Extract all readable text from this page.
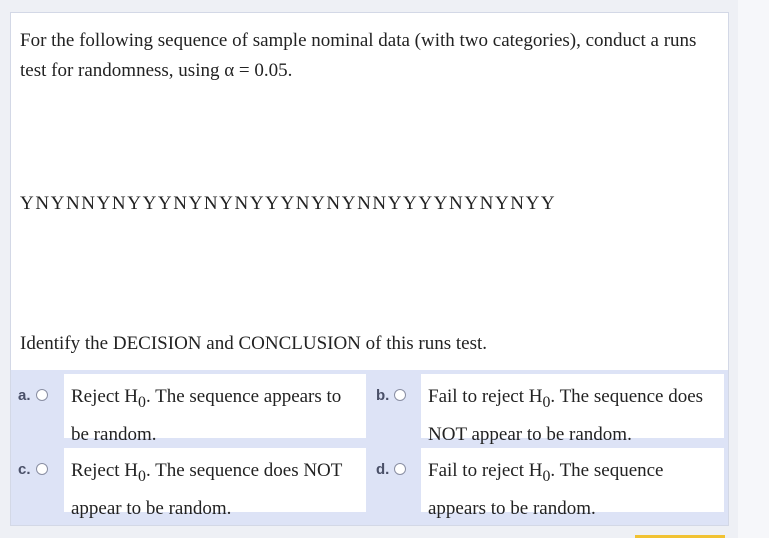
For the following sequence of sample nominal data (with two categories), conduct a runs test for randomness, using α = 0.05.
YNYNNYNYYYNYNYNYYYNYNYNNYYYYNYNYNYY
Identify the DECISION and CONCLUSION of this runs test.
a.	Reject $H_0$. The sequence appears to be random.
b.	Fail to reject $H_0$. The sequence does NOT appear to be random.
c.	Reject $H_0$. The sequence does NOT appear to be random.
d.	Fail to reject $H_0$. The sequence appears to be random.
